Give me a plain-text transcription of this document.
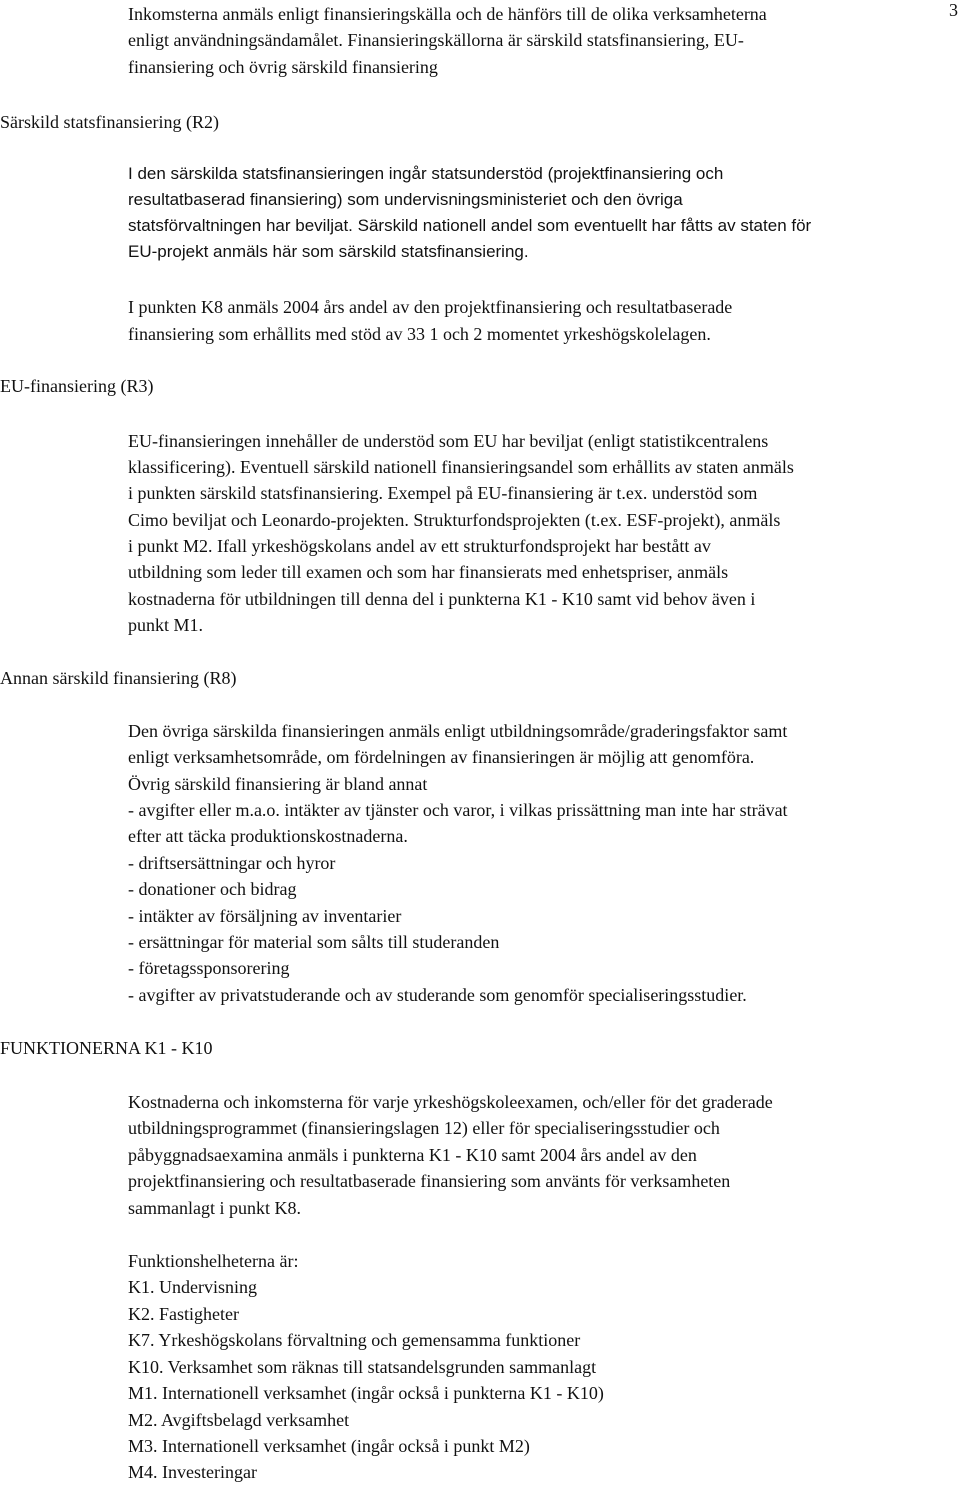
3
Inkomsterna anmäls enligt finansieringskälla och de hänförs till de olika verksamheterna
enligt användningsändamålet. Finansieringskällorna är särskild statsfinansiering, EU-
finansiering och övrig särskild finansiering
Särskild statsfinansiering (R2)
I den särskilda statsfinansieringen ingår statsunderstöd (projektfinansiering och
resultatbaserad finansiering) som undervisningsministeriet och den övriga
statsförvaltningen har beviljat. Särskild nationell andel som eventuellt har fåtts av staten för
EU-projekt anmäls här som särskild statsfinansiering.
I punkten K8 anmäls 2004 års andel av den projektfinansiering och resultatbaserade
finansiering som erhållits med stöd av 33 1 och 2 momentet yrkeshögskolelagen.
EU-finansiering (R3)
EU-finansieringen innehåller de understöd som EU har beviljat (enligt statistikcentralens
klassificering). Eventuell särskild nationell finansieringsandel som erhållits av staten anmäls
i punkten särskild statsfinansiering. Exempel på EU-finansiering är t.ex. understöd som
Cimo beviljat och Leonardo-projekten. Strukturfondsprojekten (t.ex. ESF-projekt), anmäls
i punkt M2. Ifall yrkeshögskolans andel av ett strukturfondsprojekt har bestått av
utbildning som leder till examen och som har finansierats med enhetspriser, anmäls
kostnaderna för utbildningen till denna del i punkterna K1 - K10 samt vid behov även i
punkt M1.
Annan särskild finansiering (R8)
Den övriga särskilda finansieringen anmäls enligt utbildningsområde/graderingsfaktor samt
enligt verksamhetsområde, om fördelningen av finansieringen är möjlig att genomföra.
Övrig särskild finansiering är bland annat
- avgifter eller m.a.o. intäkter av tjänster och varor, i vilkas prissättning man inte har strävat
efter att täcka produktionskostnaderna.
- driftsersättningar och hyror
- donationer och bidrag
- intäkter av försäljning av inventarier
- ersättningar för material som sålts till studeranden
- företagssponsorering
- avgifter av privatstuderande och av studerande som genomför specialiseringsstudier.
FUNKTIONERNA K1 - K10
Kostnaderna och inkomsterna för varje yrkeshögskoleexamen, och/eller för det graderade
utbildningsprogrammet (finansieringslagen 12) eller för specialiseringsstudier och
påbyggnadsaexamina anmäls i punkterna K1 - K10 samt 2004 års andel av den
projektfinansiering och resultatbaserade finansiering som använts för verksamheten
sammanlagt i punkt K8.
Funktionshelheterna är:
K1. Undervisning
K2. Fastigheter
K7. Yrkeshögskolans förvaltning och gemensamma funktioner
K10. Verksamhet som räknas till statsandelsgrunden sammanlagt
M1. Internationell verksamhet (ingår också i punkterna K1 - K10)
M2. Avgiftsbelagd verksamhet
M3. Internationell verksamhet (ingår också i punkt M2)
M4. Investeringar
